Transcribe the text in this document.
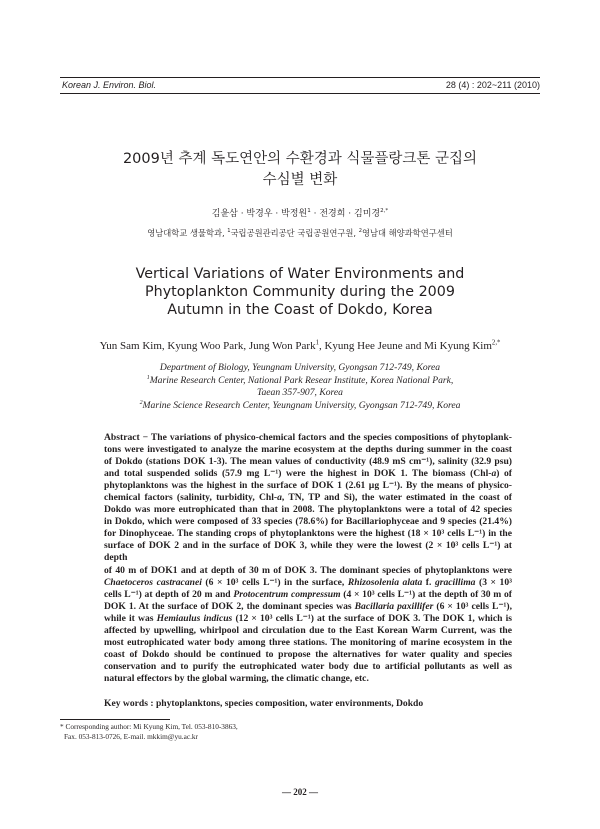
Korean J. Environ. Biol.	28 (4) : 202~211 (2010)
2009년 추계 독도연안의 수환경과 식물플랑크톤 군집의
수심별 변화
김윤삼 · 박경우 · 박정원$^1$ · 전경희 · 김미경$^{2,*}$
영남대학교 생물학과, $^1$국립공원관리공단 국립공원연구원, $^2$영남대 해양과학연구센터
Vertical Variations of Water Environments and
Phytoplankton Community during the 2009
Autumn in the Coast of Dokdo, Korea
Yun Sam Kim, Kyung Woo Park, Jung Won Park$^1$, Kyung Hee Jeune and Mi Kyung Kim$^{2,*}$
Department of Biology, Yeungnam University, Gyongsan 712-749, Korea
$^1$Marine Research Center, National Park Resear Institute, Korea National Park,
Taean 357-907, Korea
$^2$Marine Science Research Center, Yeungnam University, Gyongsan 712-749, Korea
Abstract − The variations of physico-chemical factors and the species compositions of phytoplank-
tons were investigated to analyze the marine ecosystem at the depths during summer in the coast
of Dokdo (stations DOK 1-3). The mean values of conductivity (48.9 mS cm⁻¹), salinity (32.9 psu)
and total suspended solids (57.9 mg L⁻¹) were the highest in DOK 1. The biomass (Chl-a) of
phytoplanktons was the highest in the surface of DOK 1 (2.61 µg L⁻¹). By the means of physico-
chemical factors (salinity, turbidity, Chl-a, TN, TP and Si), the water estimated in the coast of
Dokdo was more eutrophicated than that in 2008. The phytoplanktons were a total of 42 species
in Dokdo, which were composed of 33 species (78.6%) for Bacillariophyceae and 9 species (21.4%)
for Dinophyceae. The standing crops of phytoplanktons were the highest (18 × 10³ cells L⁻¹) in the
surface of DOK 2 and in the surface of DOK 3, while they were the lowest (2 × 10³ cells L⁻¹) at depth
of 40 m of DOK1 and at depth of 30 m of DOK 3. The dominant species of phytoplanktons were
Chaetoceros castracanei (6 × 10³ cells L⁻¹) in the surface, Rhizosolenia alata f. gracillima (3 × 10³
cells L⁻¹) at depth of 20 m and Protocentrum compressum (4 × 10³ cells L⁻¹) at the depth of 30 m of
DOK 1. At the surface of DOK 2, the dominant species was Bacillaria paxillifer (6 × 10³ cells L⁻¹),
while it was Hemiaulus indicus (12 × 10³ cells L⁻¹) at the surface of DOK 3. The DOK 1, which is
affected by upwelling, whirlpool and circulation due to the East Korean Warm Current, was the
most eutrophicated water body among three stations. The monitoring of marine ecosystem in the
coast of Dokdo should be continued to propose the alternatives for water quality and species
conservation and to purify the eutrophicated water body due to artificial pollutants as well as
natural effectors by the global warming, the climatic change, etc.
Key words : phytoplanktons, species composition, water environments, Dokdo
* Corresponding author: Mi Kyung Kim, Tel. 053-810-3863,
Fax. 053-813-0726, E-mail. mkkim@yu.ac.kr
— 202 —
